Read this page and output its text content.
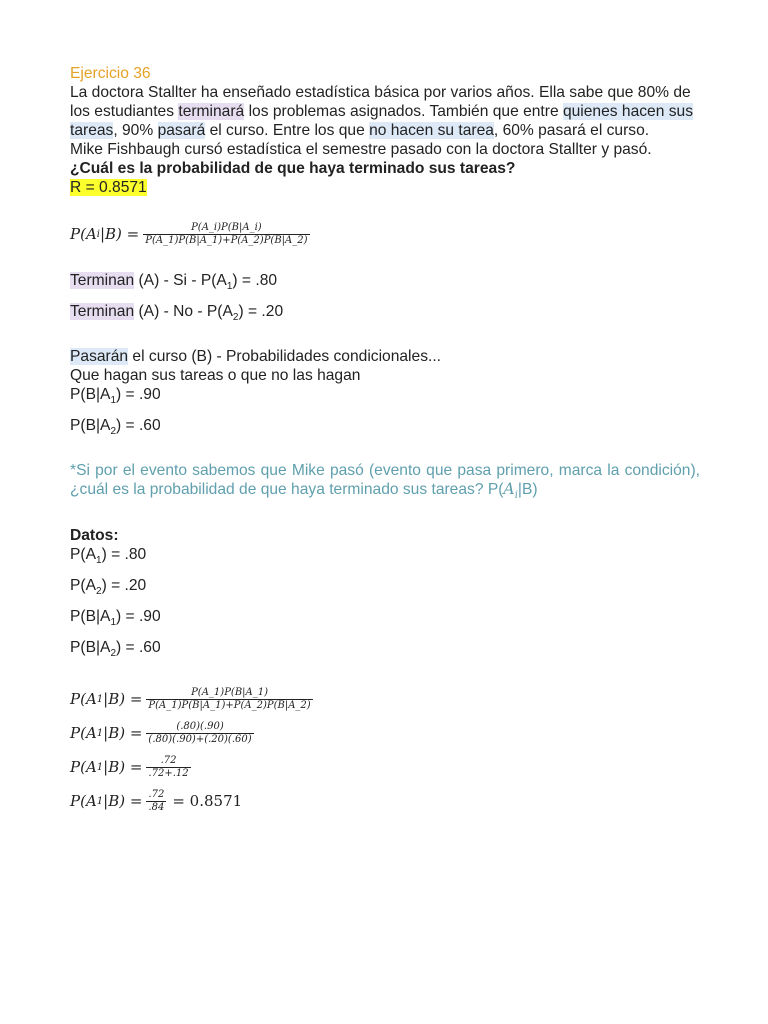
Ejercicio 36

La doctora Stallter ha enseñado estadística básica por varios años. Ella sabe que 80% de los estudiantes terminará los problemas asignados. También que entre quienes hacen sus tareas, 90% pasará el curso. Entre los que no hacen su tarea, 60% pasará el curso.

Mike Fishbaugh cursó estadística el semestre pasado con la doctora Stallter y pasó.

¿Cuál es la probabilidad de que haya terminado sus tareas?

R = 0.8571

P(A i $|B) = \frac{P(A\_i)P(B|A\_i)}{P(A\_1)P(B|A\_1)+P(A\_2)P(B|A\_2)}$

Terminan $(A) - Si - P(A_1) = .80$

Terminan $(A) - No - P(A_2) = .20$

Pasarán el curso (B) - Probabilidades condicionales...

Que hagan sus tareas o que no las hagan

$P(B|A_1) = .90$

$P(B|A_2) = .60$

*Si por el evento sabemos que Mike pasó (evento que pasa primero, marca la condición), ¿cuál es la probabilidad de que haya terminado sus tareas? $P(A_i|B)$

Datos:

$P(A_1) = .80$

$P(A_2) = .20$

$P(B|A_1) = .90$

$P(B|A_2) = .60$

P(A 1 $|B) = \frac{P(A\_1)P(B|A\_1)}{P(A\_1)P(B|A\_1)+P(A\_2)P(B|A\_2)}$
P(A 1 $|B) = \frac{(.80)(.90)}{(.80)(.90)+(.20)(.60)}$
P(A 1 $|B) = \frac{.72}{.72+.12}$
P(A 1 $|B) = \frac{.72}{.84} = 0.8571$
